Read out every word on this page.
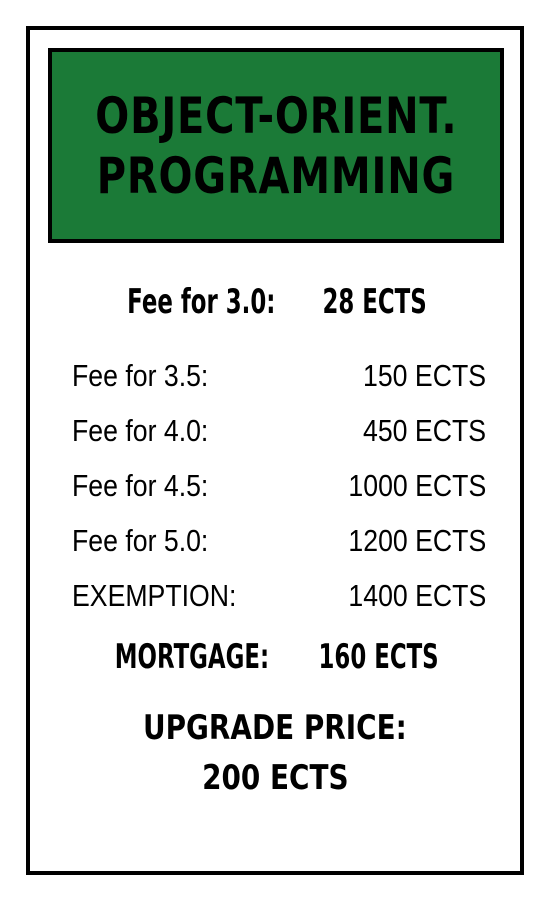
OBJECT-ORIENT.
PROGRAMMING
Fee for 3.0: 28 ECTS
Fee for 3.5:	150 ECTS
Fee for 4.0:	450 ECTS
Fee for 4.5:	1000 ECTS
Fee for 5.0:	1200 ECTS
EXEMPTION:	1400 ECTS
MORTGAGE: 160 ECTS
UPGRADE PRICE:
200 ECTS
